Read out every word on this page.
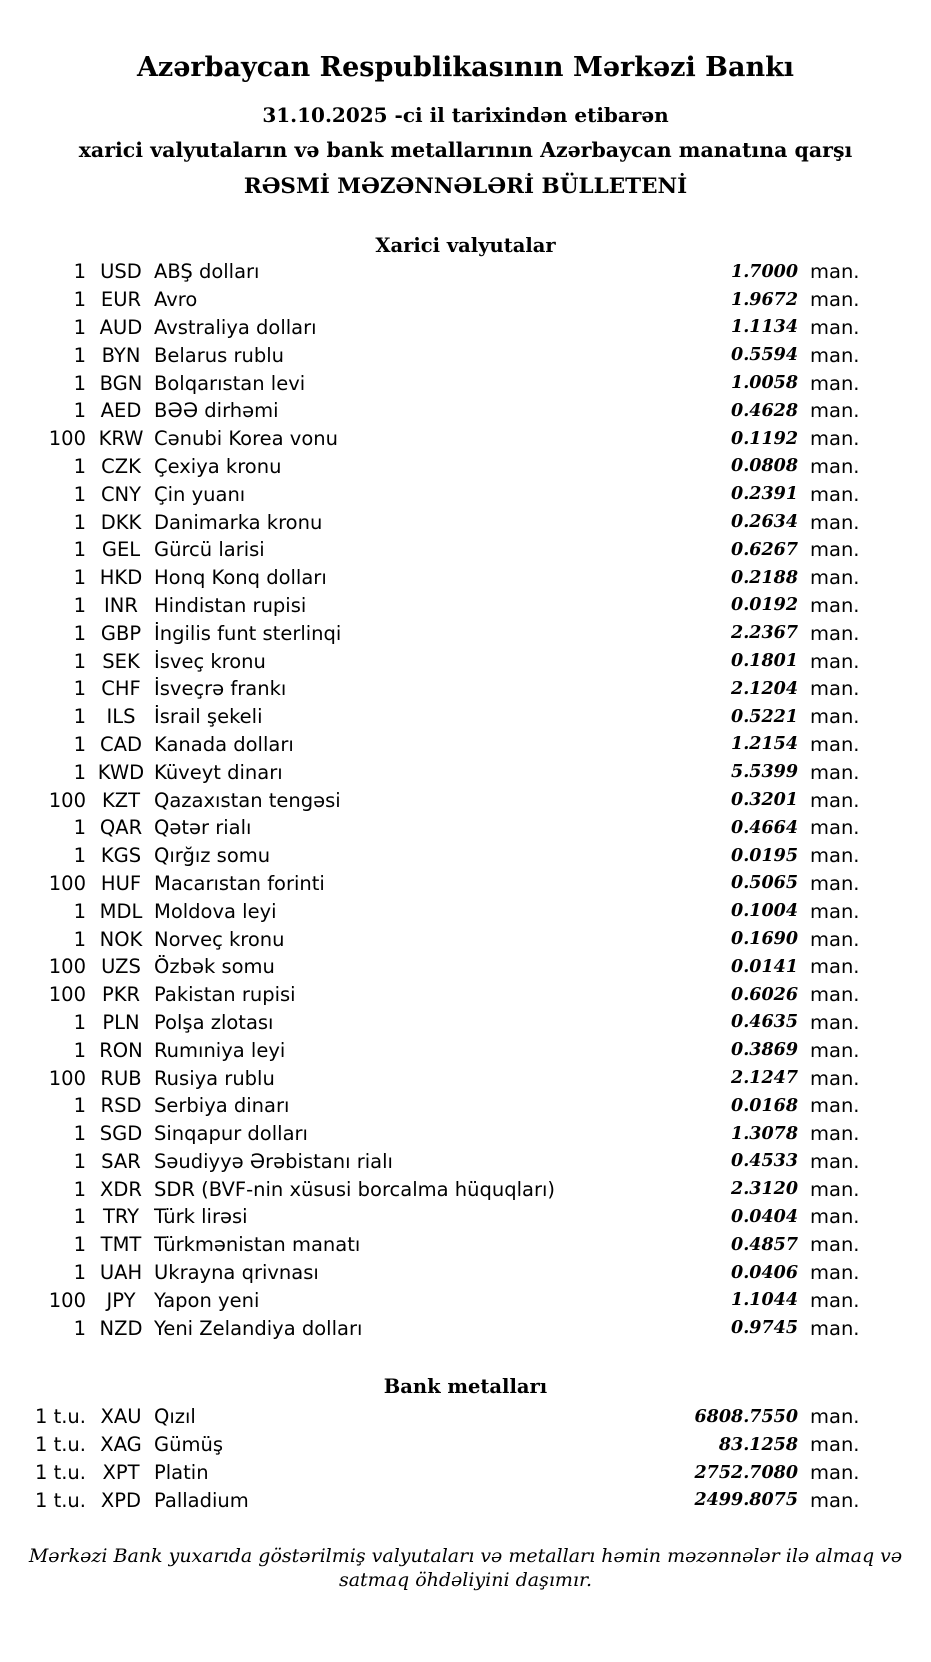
Azərbaycan Respublikasının Mərkəzi Bankı
31.10.2025 -ci il tarixindən etibarən
xarici valyutaların və bank metallarının Azərbaycan manatına qarşı
RƏSMİ MƏZƏNNƏLƏRİ BÜLLETENİ
Xarici valyutalar
1 USD ABŞ dolları	1.7000 man.
1 EUR Avro	1.9672 man.
1 AUD Avstraliya dolları	1.1134 man.
1 BYN Belarus rublu	0.5594 man.
1 BGN Bolqarıstan levi	1.0058 man.
1 AED BƏƏ dirhəmi	0.4628 man.
100 KRW Cənubi Korea vonu	0.1192 man.
1 CZK Çexiya kronu	0.0808 man.
1 CNY Çin yuanı	0.2391 man.
1 DKK Danimarka kronu	0.2634 man.
1 GEL Gürcü larisi	0.6267 man.
1 HKD Honq Konq dolları	0.2188 man.
1 INR Hindistan rupisi	0.0192 man.
1 GBP İngilis funt sterlinqi	2.2367 man.
1 SEK İsveç kronu	0.1801 man.
1 CHF İsveçrə frankı	2.1204 man.
1	ILS İsrail şekeli	0.5221 man.
1 CAD Kanada dolları	1.2154 man.
1 KWD Küveyt dinarı	5.5399 man.
100 KZT Qazaxıstan tengəsi	0.3201 man.
1 QAR Qətər rialı	0.4664 man.
1 KGS Qırğız somu	0.0195 man.
100 HUF Macarıstan forinti	0.5065 man.
1 MDL Moldova leyi	0.1004 man.
1 NOK Norveç kronu	0.1690 man.
100 UZS Özbək somu	0.0141 man.
100 PKR Pakistan rupisi	0.6026 man.
1 PLN Polşa zlotası	0.4635 man.
1 RON Rumıniya leyi	0.3869 man.
100 RUB Rusiya rublu	2.1247 man.
1 RSD Serbiya dinarı	0.0168 man.
1 SGD Sinqapur dolları	1.3078 man.
1 SAR Səudiyyə Ərəbistanı rialı	0.4533 man.
1 XDR SDR (BVF-nin xüsusi borcalma hüquqları)	2.3120 man.
1 TRY Türk lirəsi	0.0404 man.
1 TMT Türkmənistan manatı	0.4857 man.
1 UAH Ukrayna qrivnası	0.0406 man.
100	JPY Yapon yeni	1.1044 man.
1 NZD Yeni Zelandiya dolları	0.9745 man.
Bank metalları
1 t.u. XAU Qızıl	6808.7550 man.
1 t.u. XAG Gümüş	83.1258 man.
1 t.u. XPT Platin	2752.7080 man.
1 t.u. XPD Palladium	2499.8075 man.
Mərkəzi Bank yuxarıda göstərilmiş valyutaları və metalları həmin məzənnələr ilə almaq və satmaq öhdəliyini daşımır.
